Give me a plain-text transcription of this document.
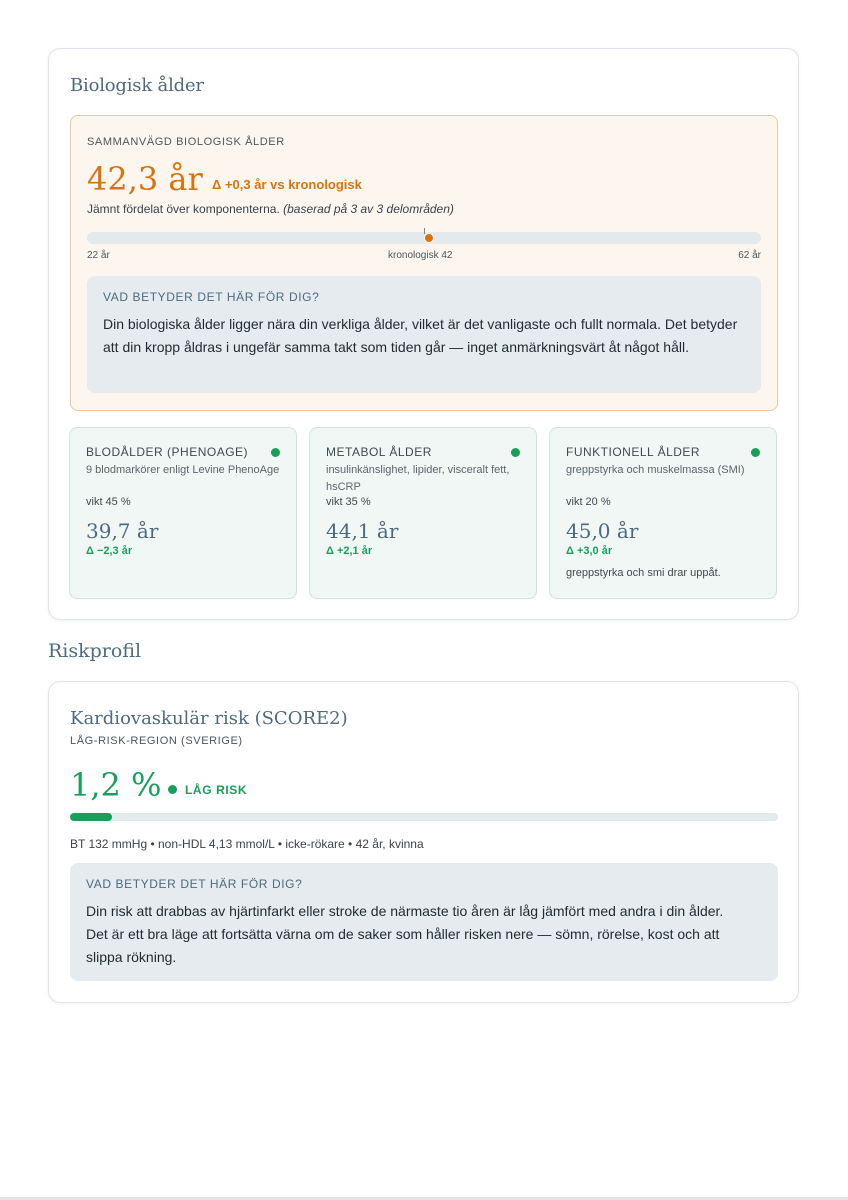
Biologisk ålder
SAMMANVÄGD BIOLOGISK ÅLDER
42,3 år Δ +0,3 år vs kronologisk
Jämnt fördelat över komponenterna. (baserad på 3 av 3 delområden)
22 år	kronologisk 42	62 år
VAD BETYDER DET HÄR FÖR DIG?
Din biologiska ålder ligger nära din verkliga ålder, vilket är det vanligaste och fullt normala. Det betyder att din kropp åldras i ungefär samma takt som tiden går — inget anmärkningsvärt åt något håll.
BLODÅLDER (PHENOAGE)
9 blodmarkörer enligt Levine PhenoAge
vikt 45 %
39,7 år
Δ −2,3 år
METABOL ÅLDER
insulinkänslighet, lipider, visceralt fett, hsCRP
vikt 35 %
44,1 år
Δ +2,1 år
FUNKTIONELL ÅLDER
greppstyrka och muskelmassa (SMI)
vikt 20 %
45,0 år
Δ +3,0 år
greppstyrka och smi drar uppåt.
Riskprofil
Kardiovaskulär risk (SCORE2)
LÅG-RISK-REGION (SVERIGE)
1,2 % LÅG RISK
BT 132 mmHg • non-HDL 4,13 mmol/L • icke-rökare • 42 år, kvinna
VAD BETYDER DET HÄR FÖR DIG?
Din risk att drabbas av hjärtinfarkt eller stroke de närmaste tio åren är låg jämfört med andra i din ålder. Det är ett bra läge att fortsätta värna om de saker som håller risken nere — sömn, rörelse, kost och att slippa rökning.
